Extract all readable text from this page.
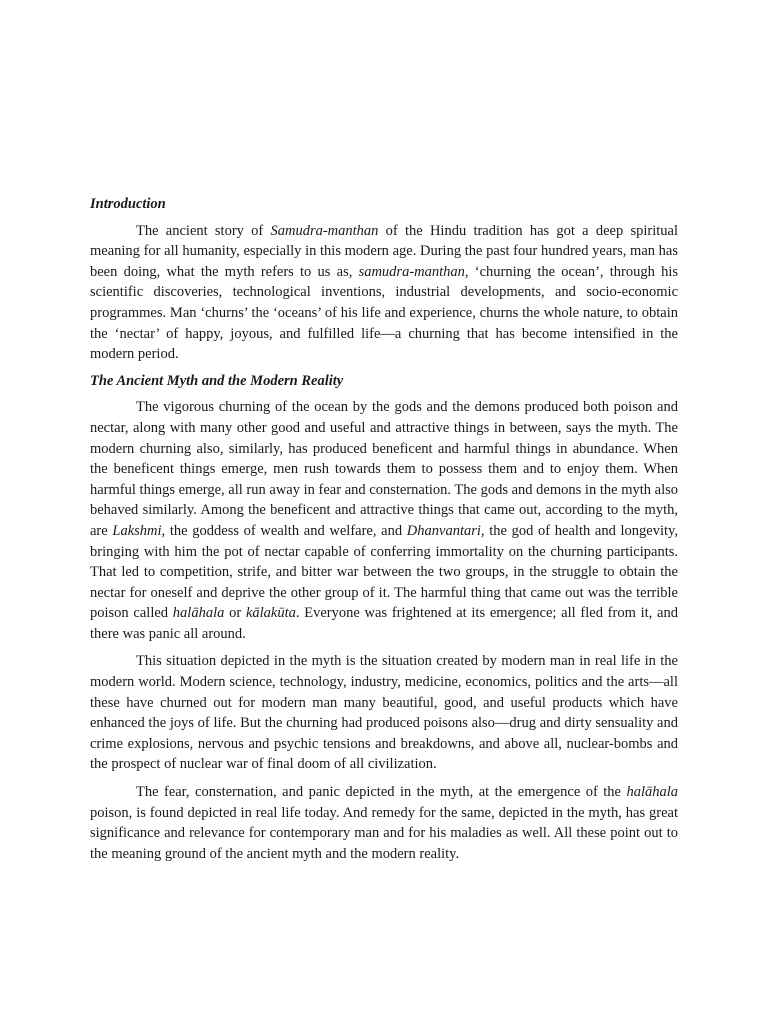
Introduction

The ancient story of Samudra-manthan of the Hindu tradition has got a deep spiritual meaning for all humanity, especially in this modern age. During the past four hundred years, man has been doing, what the myth refers to us as, samudra-manthan, ‘churning the ocean’, through his scientific discoveries, technological inventions, industrial developments, and socio-economic programmes. Man ‘churns’ the ‘oceans’ of his life and experience, churns the whole nature, to obtain the ‘nectar’ of happy, joyous, and fulfilled life—a churning that has become intensified in the modern period.

The Ancient Myth and the Modern Reality

The vigorous churning of the ocean by the gods and the demons produced both poison and nectar, along with many other good and useful and attractive things in between, says the myth. The modern churning also, similarly, has produced beneficent and harmful things in abundance. When the beneficent things emerge, men rush towards them to possess them and to enjoy them. When harmful things emerge, all run away in fear and consternation. The gods and demons in the myth also behaved similarly. Among the beneficent and attractive things that came out, according to the myth, are Lakshmi, the goddess of wealth and welfare, and Dhanvantari, the god of health and longevity, bringing with him the pot of nectar capable of conferring immortality on the churning participants. That led to competition, strife, and bitter war between the two groups, in the struggle to obtain the nectar for oneself and deprive the other group of it. The harmful thing that came out was the terrible poison called halāhala or kālakūta. Everyone was frightened at its emergence; all fled from it, and there was panic all around.

This situation depicted in the myth is the situation created by modern man in real life in the modern world. Modern science, technology, industry, medicine, economics, politics and the arts—all these have churned out for modern man many beautiful, good, and useful products which have enhanced the joys of life. But the churning had produced poisons also—drug and dirty sensuality and crime explosions, nervous and psychic tensions and breakdowns, and above all, nuclear-bombs and the prospect of nuclear war of final doom of all civilization.

The fear, consternation, and panic depicted in the myth, at the emergence of the halāhala poison, is found depicted in real life today. And remedy for the same, depicted in the myth, has great significance and relevance for contemporary man and for his maladies as well. All these point out to the meaning ground of the ancient myth and the modern reality.
